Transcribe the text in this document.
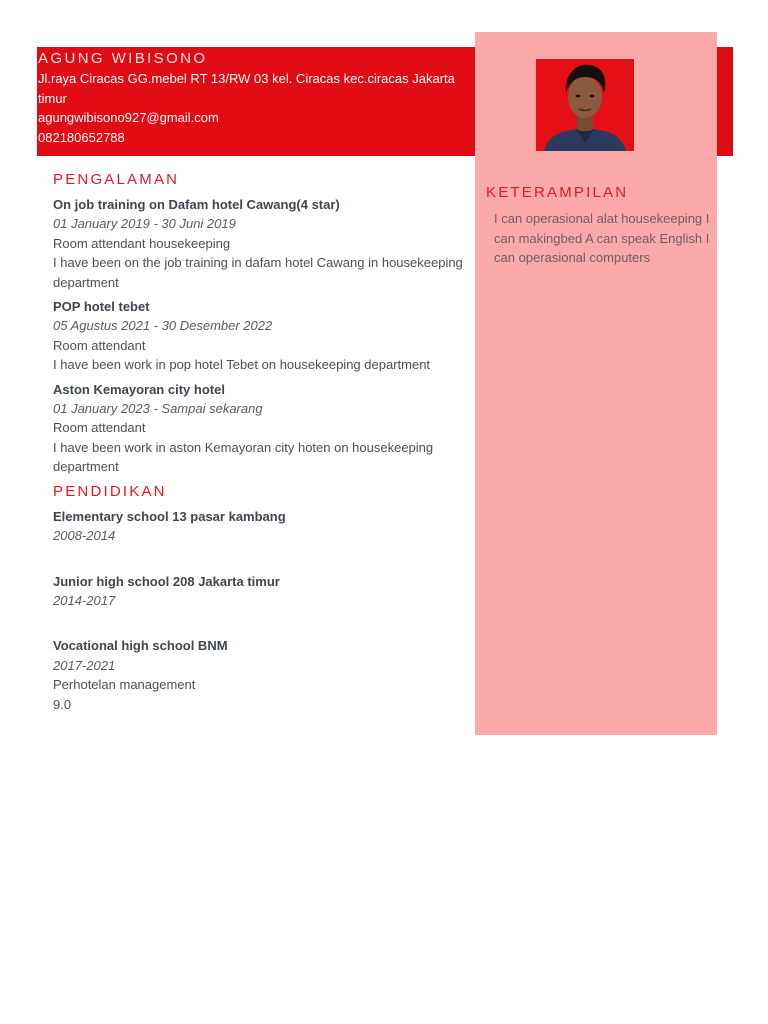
AGUNG WIBISONO
Jl.raya Ciracas GG.mebel RT 13/RW 03 kel. Ciracas kec.ciracas Jakarta timur
agungwibisono927@gmail.com
082180652788
KETERAMPILAN
I can operasional alat housekeeping I can makingbed A can speak English I can operasional computers
PENGALAMAN
On job training on Dafam hotel Cawang(4 star)
01 January 2019 - 30 Juni 2019
Room attendant housekeeping
I have been on the job training in dafam hotel Cawang in housekeeping department
POP hotel tebet
05 Agustus 2021 - 30 Desember 2022
Room attendant
I have been work in pop hotel Tebet on housekeeping department
Aston Kemayoran city hotel
01 January 2023 - Sampai sekarang
Room attendant
I have been work in aston Kemayoran city hoten on housekeeping department
PENDIDIKAN
Elementary school 13 pasar kambang
2008-2014
Junior high school 208 Jakarta timur
2014-2017
Vocational high school BNM
2017-2021
Perhotelan management
9.0
